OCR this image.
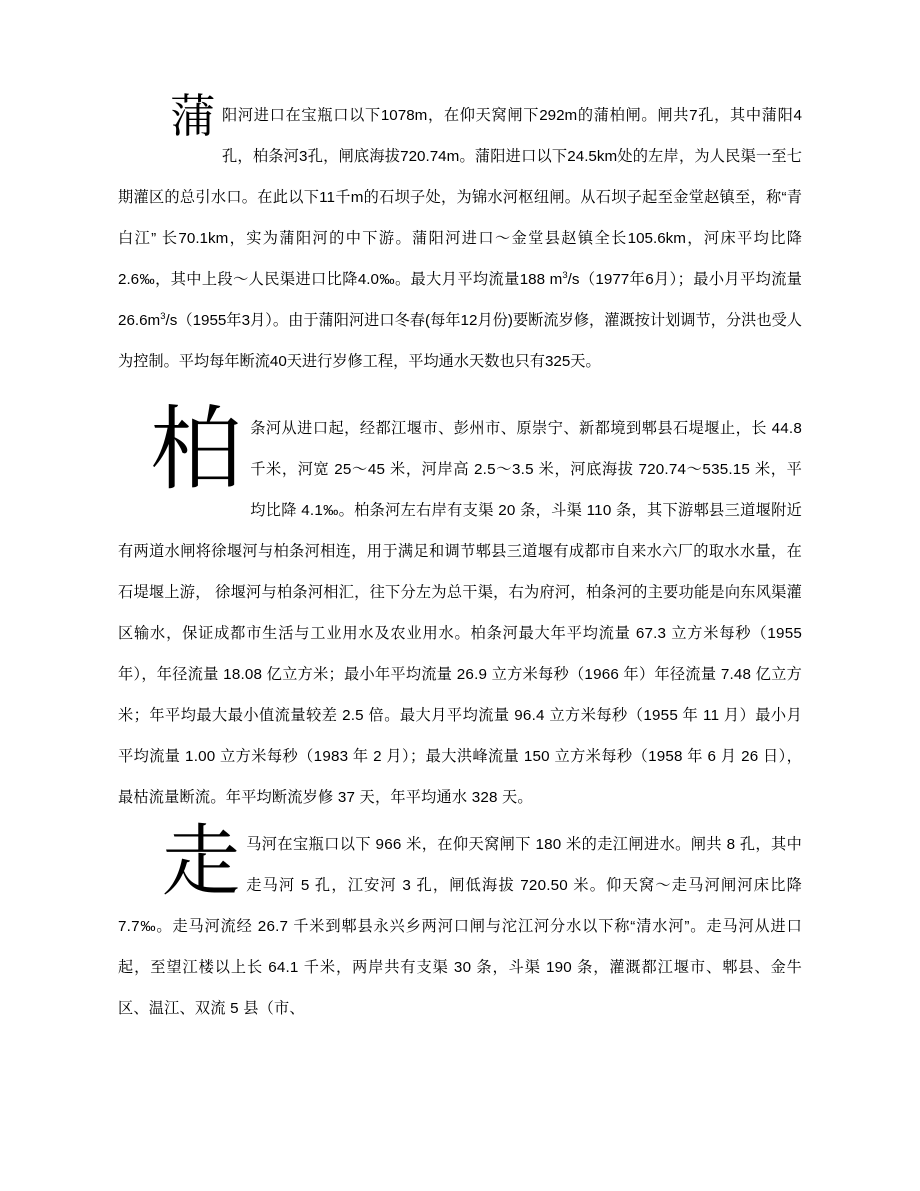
蒲阳河进口在宝瓶口以下1078m，在仰天窝闸下292m的蒲柏闸。闸共7孔，其中蒲阳4孔，柏条河3孔，闸底海拔720.74m。蒲阳进口以下24.5km处的左岸，为人民渠一至七期灌区的总引水口。在此以下11千m的石坝子处，为锦水河枢纽闸。从石坝子起至金堂赵镇至，称“青白江” 长70.1km，实为蒲阳河的中下游。蒲阳河进口～金堂县赵镇全长105.6km，河床平均比降2.6‰，其中上段～人民渠进口比降4.0‰。最大月平均流量188 $m^3/s(1977$年6月）；最小月平均流量$26.6m^3/s(1955$年3月）。由于蒲阳河进口冬春(每年12月份)要断流岁修，灌溉按计划调节，分洪也受人为控制。平均每年断流40天进行岁修工程，平均通水天数也只有325天。

柏条河从进口起，经都江堰市、彭州市、原崇宁、新都境到郫县石堤堰止，长 44.8 千米，河宽 25～45 米，河岸高 2.5～3.5 米，河底海拔 720.74～535.15 米，平均比降 4.1‰。柏条河左右岸有支渠 20 条，斗渠 110 条，其下游郫县三道堰附近有两道水闸将徐堰河与柏条河相连，用于满足和调节郫县三道堰有成都市自来水六厂的取水水量，在石堤堰上游， 徐堰河与柏条河相汇，往下分左为总干渠，右为府河，柏条河的主要功能是向东风渠灌区输水，保证成都市生活与工业用水及农业用水。柏条河最大年平均流量 67.3 立方米每秒（1955 年），年径流量 18.08 亿立方米；最小年平均流量 26.9 立方米每秒（1966 年）年径流量 7.48 亿立方米；年平均最大最小值流量较差 2.5 倍。最大月平均流量 96.4 立方米每秒（1955 年 11 月）最小月平均流量 1.00 立方米每秒（1983 年 2 月）；最大洪峰流量 150 立方米每秒（1958 年 6 月 26 日），最枯流量断流。年平均断流岁修 37 天，年平均通水 328 天。

走马河在宝瓶口以下 966 米，在仰天窝闸下 180 米的走江闸进水。闸共 8 孔，其中走马河 5 孔，江安河 3 孔，闸低海拔 720.50 米。仰天窝～走马河闸河床比降 7.7‰。走马河流经 26.7 千米到郫县永兴乡两河口闸与沱江河分水以下称“清水河”。走马河从进口起，至望江楼以上长 64.1 千米，两岸共有支渠 30 条，斗渠 190 条，灌溉都江堰市、郫县、金牛区、温江、双流 5 县（市、
